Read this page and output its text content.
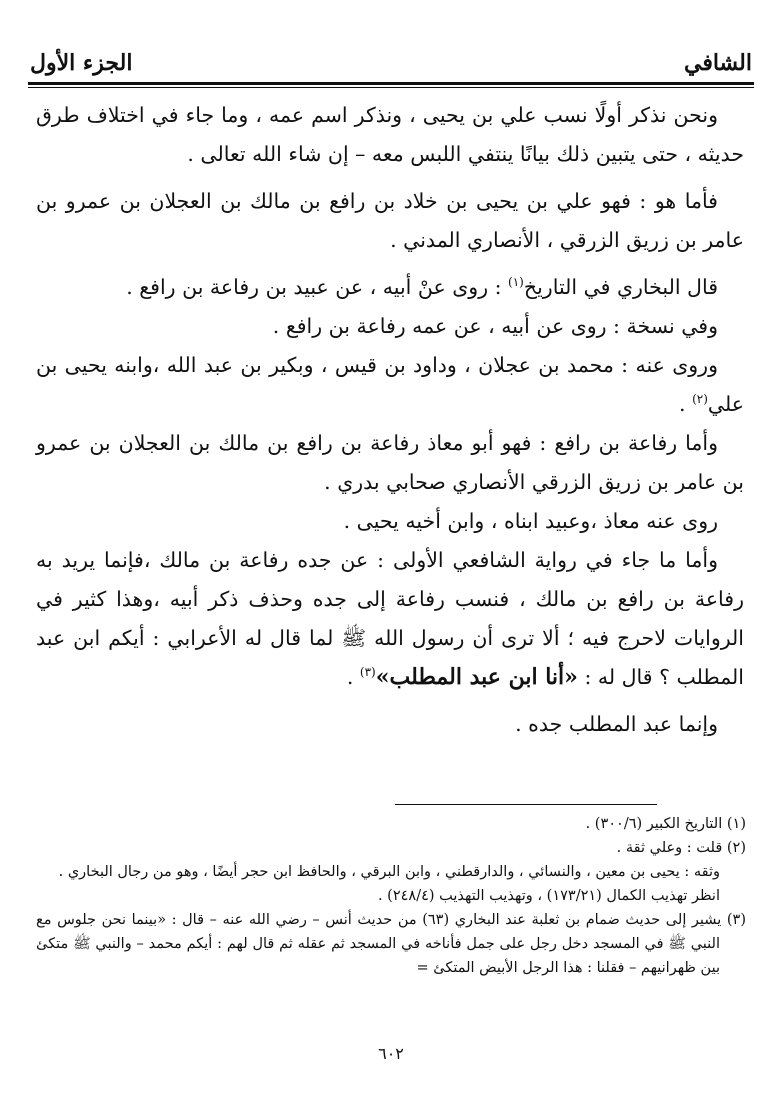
الشافي
الجزء الأول

ونحن نذكر أولًا نسب علي بن يحيى ، ونذكر اسم عمه ، وما جاء في اختلاف طرق حديثه ، حتى يتبين ذلك بيانًا ينتفي اللبس معه – إن شاء الله تعالى .

فأما هو : فهو علي بن يحيى بن خلاد بن رافع بن مالك بن العجلان بن عمرو بن عامر بن زريق الزرقي ، الأنصاري المدني .

قال البخاري في التاريخ$^{(١)}$ : روى عنْ أبيه ، عن عبيد بن رفاعة بن رافع .

وفي نسخة : روى عن أبيه ، عن عمه رفاعة بن رافع .

وروى عنه : محمد بن عجلان ، وداود بن قيس ، وبكير بن عبد الله ،وابنه يحيى بن علي$^{(٢)}$ .

وأما رفاعة بن رافع : فهو أبو معاذ رفاعة بن رافع بن مالك بن العجلان بن عمرو بن عامر بن زريق الزرقي الأنصاري صحابي بدري .

روى عنه معاذ ،وعبيد ابناه ، وابن أخيه يحيى .

وأما ما جاء في رواية الشافعي الأولى : عن جده رفاعة بن مالك ،فإنما يريد به رفاعة بن رافع بن مالك ، فنسب رفاعة إلى جده وحذف ذكر أبيه ،وهذا كثير في الروايات لاحرج فيه ؛ ألا ترى أن رسول الله ﷺ لما قال له الأعرابي : أيكم ابن عبد المطلب ؟ قال له : «أنا ابن عبد المطلب»$^{(٣)}$ .

وإنما عبد المطلب جده .

(١) التاريخ الكبير (٣٠٠/٦) .

(٢) قلت : وعلي ثقة .

وثقه : يحيى بن معين ، والنسائي ، والدارقطني ، وابن البرقي ، والحافظ ابن حجر أيضًا ، وهو من رجال البخاري .

انظر تهذيب الكمال (١٧٣/٢١) ، وتهذيب التهذيب (٢٤٨/٤) .

(٣) يشير إلى حديث ضمام بن ثعلبة عند البخاري (٦٣) من حديث أنس – رضي الله عنه – قال : «بينما نحن جلوس مع النبي ﷺ في المسجد دخل رجل على جمل فأناخه في المسجد ثم عقله ثم قال لهم : أيكم محمد – والنبي ﷺ متكئ بين ظهرانيهم – فقلنا : هذا الرجل الأبيض المتكئ =

٦٠٢
